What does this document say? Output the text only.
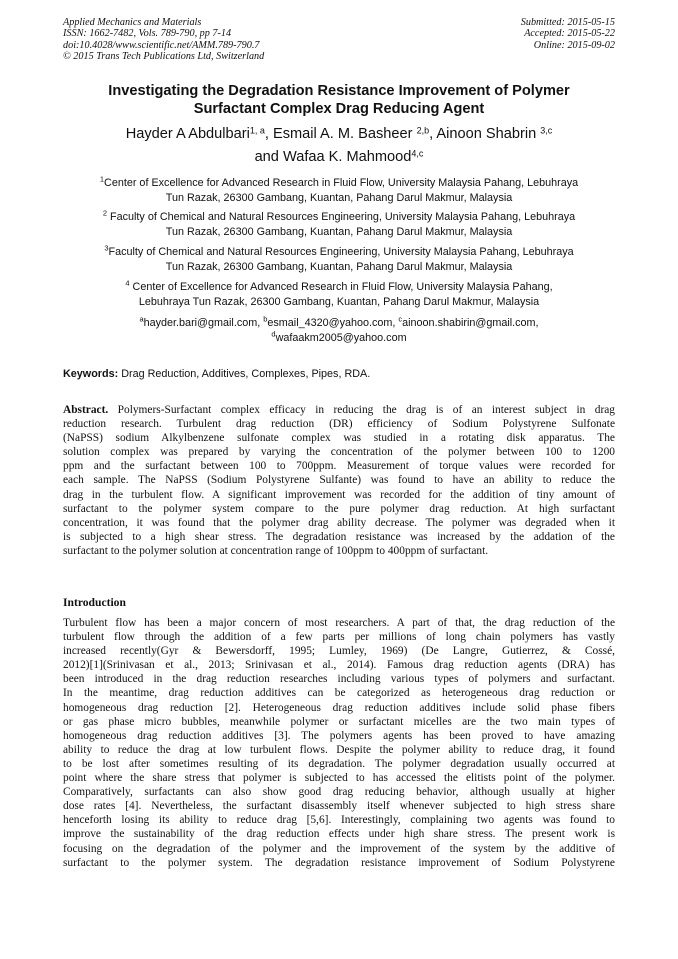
Applied Mechanics and Materials
ISSN: 1662-7482, Vols. 789-790, pp 7-14
doi:10.4028/www.scientific.net/AMM.789-790.7
© 2015 Trans Tech Publications Ltd, Switzerland
Submitted: 2015-05-15
Accepted: 2015-05-22
Online: 2015-09-02
Investigating the Degradation Resistance Improvement of Polymer
Surfactant Complex Drag Reducing Agent
Hayder A Abdulbari$^{1, a}$, Esmail A. M. Basheer $^{2,b}$, Ainoon Shabrin $^{3,c}$
and Wafaa K. Mahmood$^{4,c}$
$^1$Center of Excellence for Advanced Research in Fluid Flow, University Malaysia Pahang, Lebuhraya
Tun Razak, 26300 Gambang, Kuantan, Pahang Darul Makmur, Malaysia
$^2$ Faculty of Chemical and Natural Resources Engineering, University Malaysia Pahang, Lebuhraya
Tun Razak, 26300 Gambang, Kuantan, Pahang Darul Makmur, Malaysia
$^3$Faculty of Chemical and Natural Resources Engineering, University Malaysia Pahang, Lebuhraya
Tun Razak, 26300 Gambang, Kuantan, Pahang Darul Makmur, Malaysia
$^4$ Center of Excellence for Advanced Research in Fluid Flow, University Malaysia Pahang,
Lebuhraya Tun Razak, 26300 Gambang, Kuantan, Pahang Darul Makmur, Malaysia
$^a$hayder.bari@gmail.com, $^b$esmail_4320@yahoo.com, $^c$ainoon.shabirin@gmail.com,
$^d$wafaakm2005@yahoo.com
Keywords: Drag Reduction, Additives, Complexes, Pipes, RDA.
Abstract. Polymers-Surfactant complex efficacy in reducing the drag is of an interest subject in drag
reduction research. Turbulent drag reduction (DR) efficiency of Sodium Polystyrene Sulfonate
(NaPSS) sodium Alkylbenzene sulfonate complex was studied in a rotating disk apparatus. The
solution complex was prepared by varying the concentration of the polymer between 100 to 1200
ppm and the surfactant between 100 to 700ppm. Measurement of torque values were recorded for
each sample. The NaPSS (Sodium Polystyrene Sulfante) was found to have an ability to reduce the
drag in the turbulent flow. A significant improvement was recorded for the addition of tiny amount of
surfactant to the polymer system compare to the pure polymer drag reduction. At high surfactant
concentration, it was found that the polymer drag ability decrease. The polymer was degraded when it
is subjected to a high shear stress. The degradation resistance was increased by the addation of the
surfactant to the polymer solution at concentration range of 100ppm to 400ppm of surfactant.
Introduction
Turbulent flow has been a major concern of most researchers. A part of that, the drag reduction of the
turbulent flow through the addition of a few parts per millions of long chain polymers has vastly
increased recently(Gyr & Bewersdorff, 1995; Lumley, 1969) (De Langre, Gutierrez, & Cossé,
2012)[1](Srinivasan et al., 2013; Srinivasan et al., 2014). Famous drag reduction agents (DRA) has
been introduced in the drag reduction researches including various types of polymers and surfactant.
In the meantime, drag reduction additives can be categorized as heterogeneous drag reduction or
homogeneous drag reduction [2]. Heterogeneous drag reduction additives include solid phase fibers
or gas phase micro bubbles, meanwhile polymer or surfactant micelles are the two main types of
homogeneous drag reduction additives [3]. The polymers agents has been proved to have amazing
ability to reduce the drag at low turbulent flows. Despite the polymer ability to reduce drag, it found
to be lost after sometimes resulting of its degradation. The polymer degradation usually occurred at
point where the share stress that polymer is subjected to has accessed the elitists point of the polymer.
Comparatively, surfactants can also show good drag reducing behavior, although usually at higher
dose rates [4]. Nevertheless, the surfactant disassembly itself whenever subjected to high stress share
henceforth losing its ability to reduce drag [5,6]. Interestingly, complaining two agents was found to
improve the sustainability of the drag reduction effects under high share stress. The present work is
focusing on the degradation of the polymer and the improvement of the system by the additive of
surfactant to the polymer system. The degradation resistance improvement of Sodium Polystyrene
